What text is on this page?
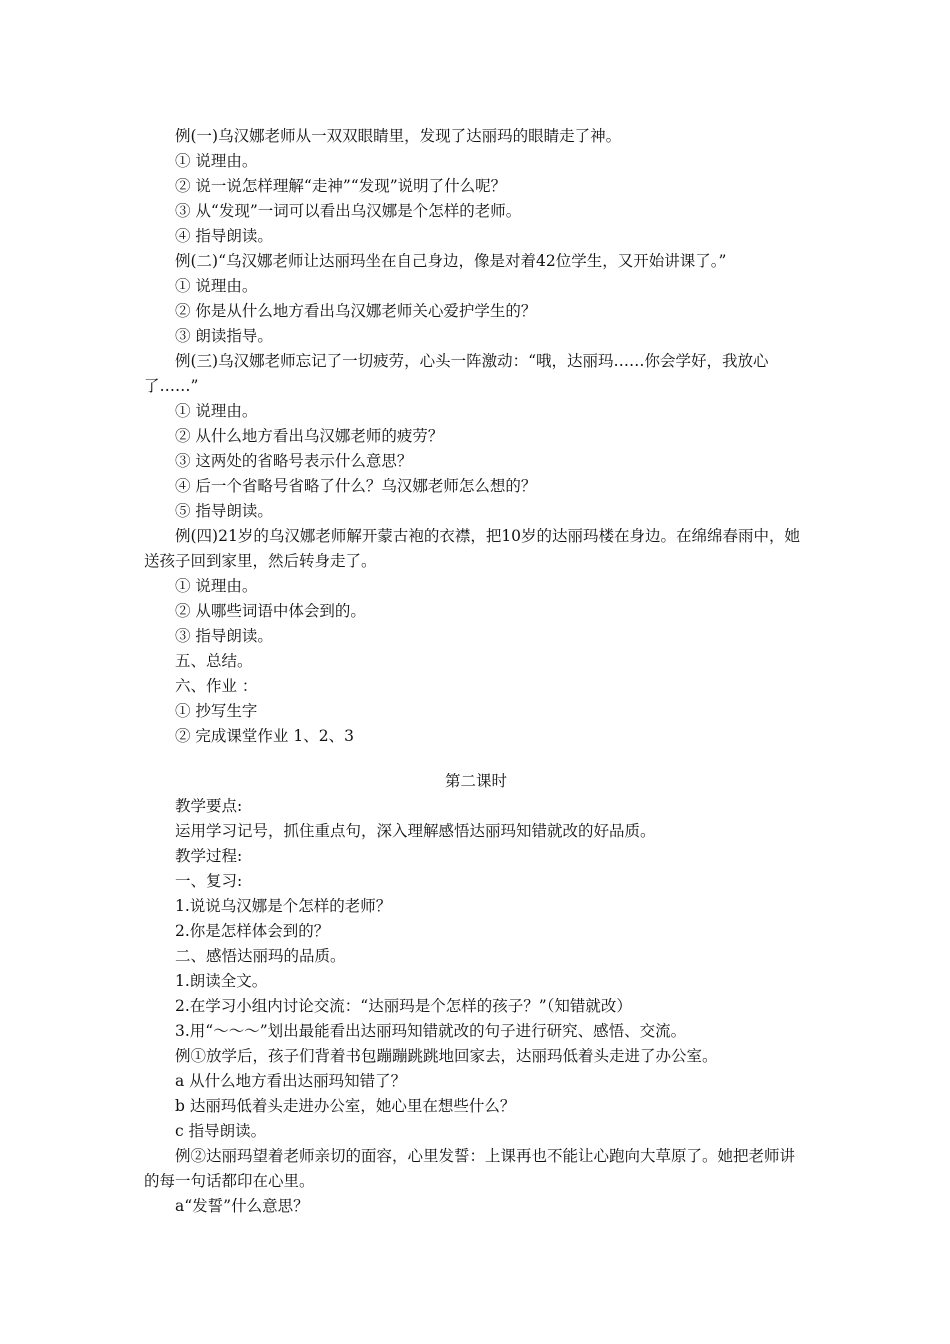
例(一)乌汉娜老师从一双双眼睛里，发现了达丽玛的眼睛走了神。

① 说理由。

② 说一说怎样理解“走神”“发现”说明了什么呢？

③ 从“发现”一词可以看出乌汉娜是个怎样的老师。

④ 指导朗读。

例(二)“乌汉娜老师让达丽玛坐在自己身边，像是对着42位学生，又开始讲课了。”

① 说理由。

② 你是从什么地方看出乌汉娜老师关心爱护学生的？

③ 朗读指导。

例(三)乌汉娜老师忘记了一切疲劳，心头一阵激动：“哦，达丽玛……你会学好，我放心了……”

① 说理由。

② 从什么地方看出乌汉娜老师的疲劳？

③ 这两处的省略号表示什么意思？

④ 后一个省略号省略了什么？乌汉娜老师怎么想的？

⑤ 指导朗读。

例(四)21岁的乌汉娜老师解开蒙古袍的衣襟，把10岁的达丽玛楼在身边。在绵绵春雨中，她送孩子回到家里，然后转身走了。

① 说理由。

② 从哪些词语中体会到的。

③ 指导朗读。

五、总结。

六、作业 ：

① 抄写生字

② 完成课堂作业 1、2、3

第二课时

教学要点:

运用学习记号，抓住重点句，深入理解感悟达丽玛知错就改的好品质。

教学过程:

一、复习:

1.说说乌汉娜是个怎样的老师？

2.你是怎样体会到的？

二、感悟达丽玛的品质。

1.朗读全文。

2.在学习小组内讨论交流：“达丽玛是个怎样的孩子？”（知错就改）

3.用“～～～”划出最能看出达丽玛知错就改的句子进行研究、感悟、交流。

例①放学后，孩子们背着书包蹦蹦跳跳地回家去，达丽玛低着头走进了办公室。

a 从什么地方看出达丽玛知错了？

b 达丽玛低着头走进办公室，她心里在想些什么？

c 指导朗读。

例②达丽玛望着老师亲切的面容，心里发誓：上课再也不能让心跑向大草原了。她把老师讲的每一句话都印在心里。

a“发誓”什么意思？
